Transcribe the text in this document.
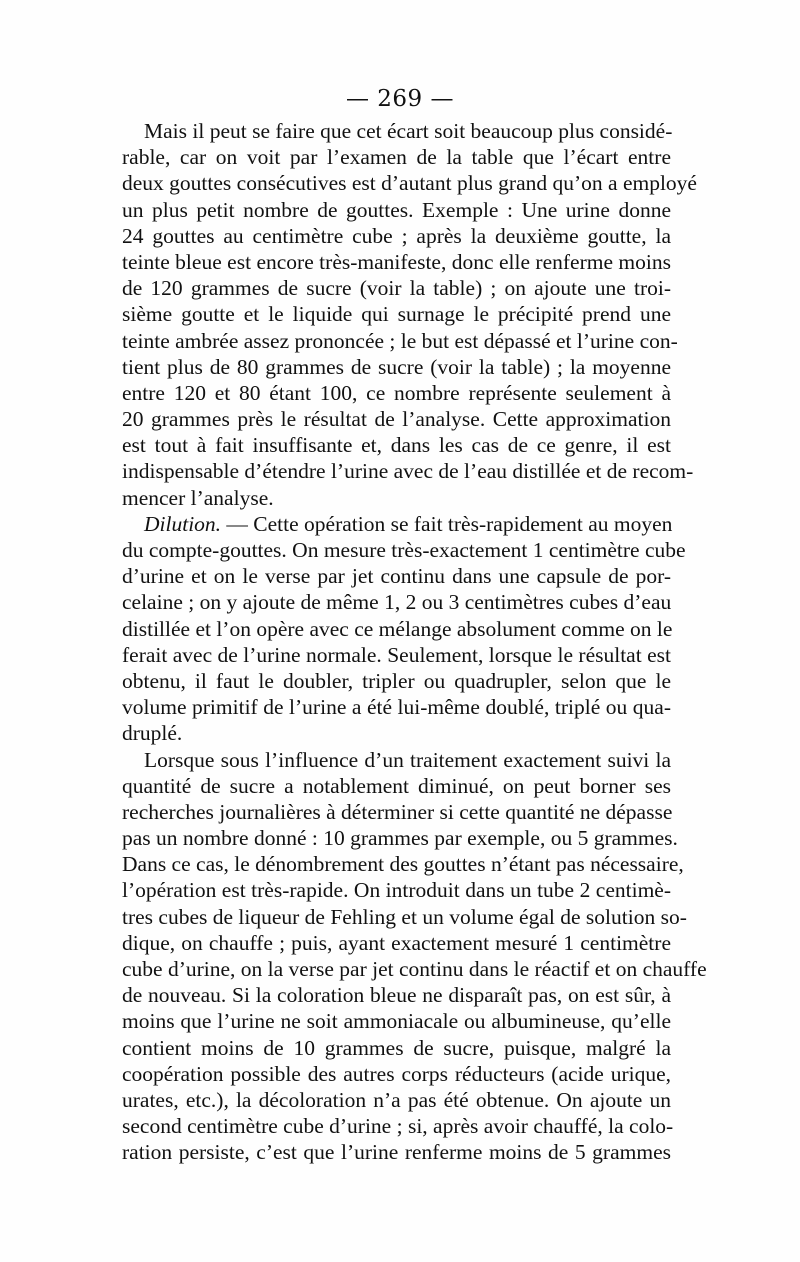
— 269 —
Mais il peut se faire que cet écart soit beaucoup plus considé-
rable, car on voit par l’examen de la table que l’écart entre
deux gouttes consécutives est d’autant plus grand qu’on a employé
un plus petit nombre de gouttes. Exemple : Une urine donne
24 gouttes au centimètre cube ; après la deuxième goutte, la
teinte bleue est encore très-manifeste, donc elle renferme moins
de 120 grammes de sucre (voir la table) ; on ajoute une troi-
sième goutte et le liquide qui surnage le précipité prend une
teinte ambrée assez prononcée ; le but est dépassé et l’urine con-
tient plus de 80 grammes de sucre (voir la table) ; la moyenne
entre 120 et 80 étant 100, ce nombre représente seulement à
20 grammes près le résultat de l’analyse. Cette approximation
est tout à fait insuffisante et, dans les cas de ce genre, il est
indispensable d’étendre l’urine avec de l’eau distillée et de recom-
mencer l’analyse.
Dilution. — Cette opération se fait très-rapidement au moyen
du compte-gouttes. On mesure très-exactement 1 centimètre cube
d’urine et on le verse par jet continu dans une capsule de por-
celaine ; on y ajoute de même 1, 2 ou 3 centimètres cubes d’eau
distillée et l’on opère avec ce mélange absolument comme on le
ferait avec de l’urine normale. Seulement, lorsque le résultat est
obtenu, il faut le doubler, tripler ou quadrupler, selon que le
volume primitif de l’urine a été lui-même doublé, triplé ou qua-
druplé.
Lorsque sous l’influence d’un traitement exactement suivi la
quantité de sucre a notablement diminué, on peut borner ses
recherches journalières à déterminer si cette quantité ne dépasse
pas un nombre donné : 10 grammes par exemple, ou 5 grammes.
Dans ce cas, le dénombrement des gouttes n’étant pas nécessaire,
l’opération est très-rapide. On introduit dans un tube 2 centimè-
tres cubes de liqueur de Fehling et un volume égal de solution so-
dique, on chauffe ; puis, ayant exactement mesuré 1 centimètre
cube d’urine, on la verse par jet continu dans le réactif et on chauffe
de nouveau. Si la coloration bleue ne disparaît pas, on est sûr, à
moins que l’urine ne soit ammoniacale ou albumineuse, qu’elle
contient moins de 10 grammes de sucre, puisque, malgré la
coopération possible des autres corps réducteurs (acide urique,
urates, etc.), la décoloration n’a pas été obtenue. On ajoute un
second centimètre cube d’urine ; si, après avoir chauffé, la colo-
ration persiste, c’est que l’urine renferme moins de 5 grammes
